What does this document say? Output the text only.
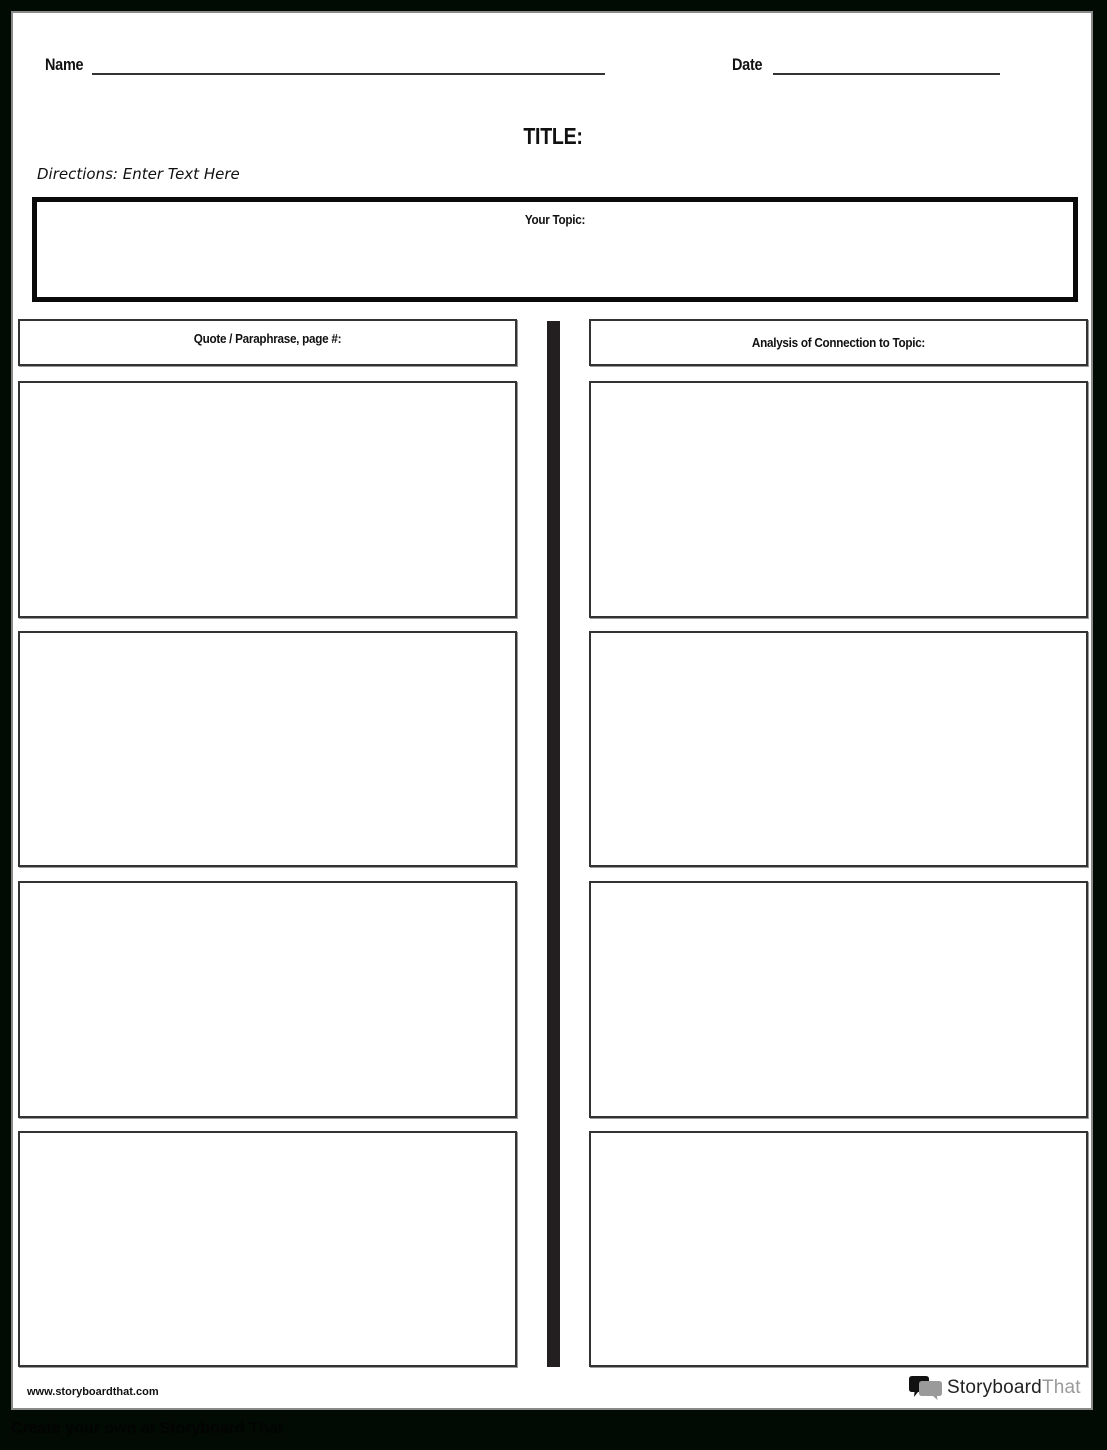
Name	Date
TITLE:
Directions: Enter Text Here
Your Topic:
Quote / Paraphrase, page #:	Analysis of Connection to Topic:
www.storyboardthat.com	StoryboardThat
Create your own at Storyboard That
